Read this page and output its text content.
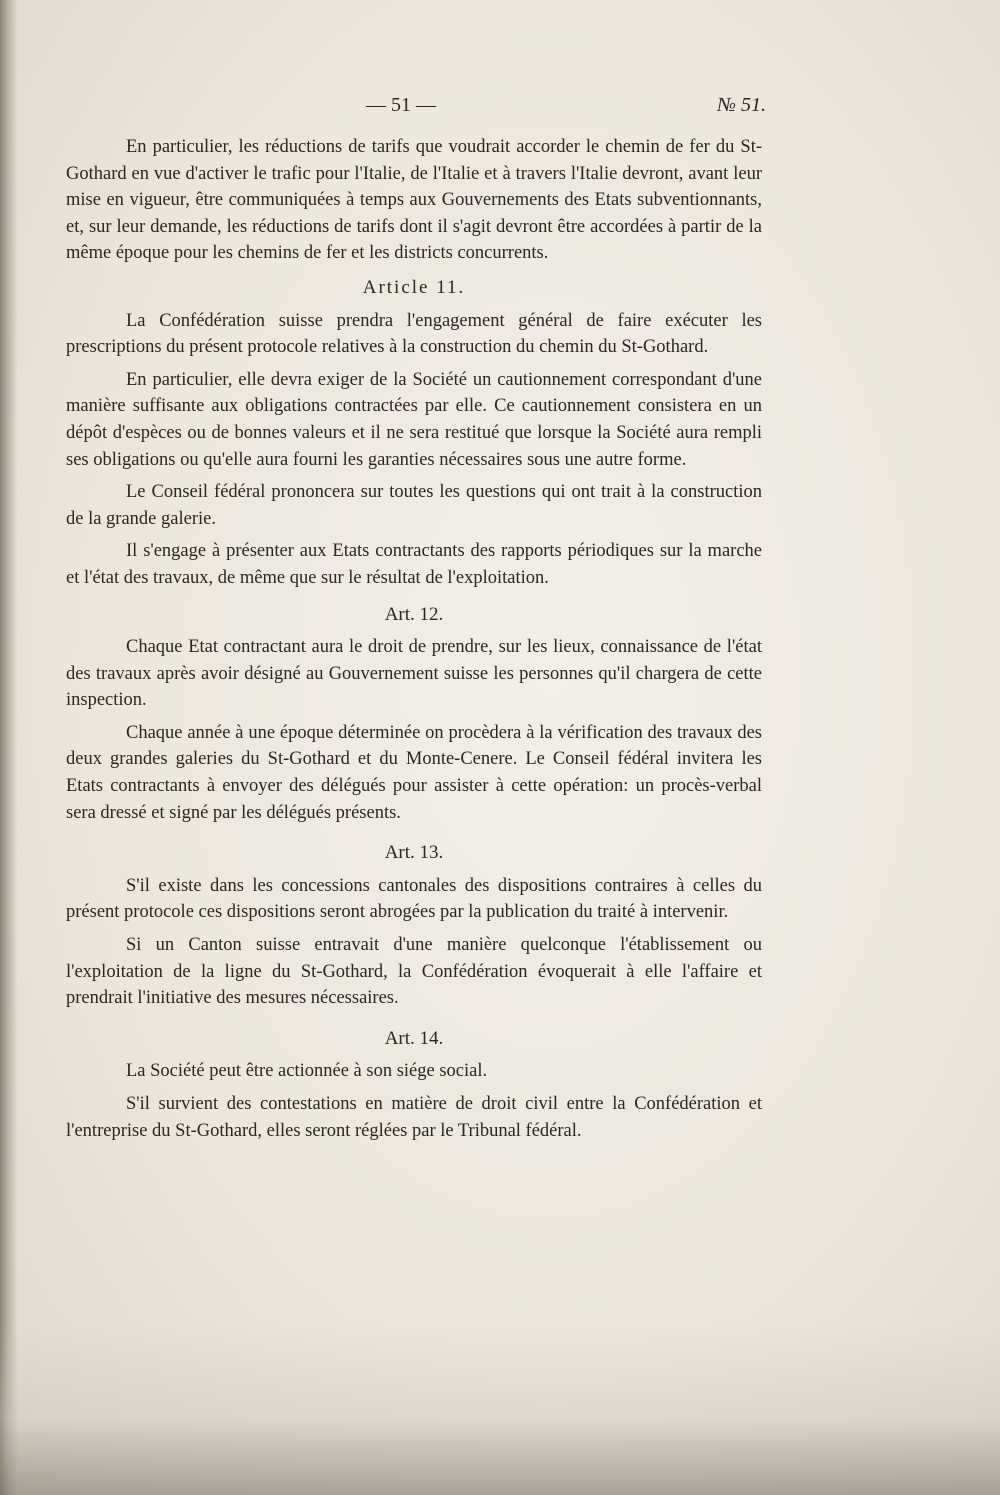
— 51 —	№ 51.

En particulier, les réductions de tarifs que voudrait accorder le chemin de fer du St-Gothard en vue d'activer le trafic pour l'Italie, de l'Italie et à travers l'Italie devront, avant leur mise en vigueur, être communiquées à temps aux Gouvernements des Etats subventionnants, et, sur leur demande, les réductions de tarifs dont il s'agit devront être accordées à partir de la même époque pour les chemins de fer et les districts concurrents.

Article 11.

La Confédération suisse prendra l'engagement général de faire exécuter les prescriptions du présent protocole relatives à la construction du chemin du St-Gothard.

En particulier, elle devra exiger de la Société un cautionnement correspondant d'une manière suffisante aux obligations contractées par elle. Ce cautionnement consistera en un dépôt d'espèces ou de bonnes valeurs et il ne sera restitué que lorsque la Société aura rempli ses obligations ou qu'elle aura fourni les garanties nécessaires sous une autre forme.

Le Conseil fédéral prononcera sur toutes les questions qui ont trait à la construction de la grande galerie.

Il s'engage à présenter aux Etats contractants des rapports périodiques sur la marche et l'état des travaux, de même que sur le résultat de l'exploitation.

Art. 12.

Chaque Etat contractant aura le droit de prendre, sur les lieux, connaissance de l'état des travaux après avoir désigné au Gouvernement suisse les personnes qu'il chargera de cette inspection.

Chaque année à une époque déterminée on procèdera à la vérification des travaux des deux grandes galeries du St-Gothard et du Monte-Cenere. Le Conseil fédéral invitera les Etats contractants à envoyer des délégués pour assister à cette opération: un procès-verbal sera dressé et signé par les délégués présents.

Art. 13.

S'il existe dans les concessions cantonales des dispositions contraires à celles du présent protocole ces dispositions seront abrogées par la publication du traité à intervenir.

Si un Canton suisse entravait d'une manière quelconque l'établissement ou l'exploitation de la ligne du St-Gothard, la Confédération évoquerait à elle l'affaire et prendrait l'initiative des mesures nécessaires.

Art. 14.

La Société peut être actionnée à son siége social.

S'il survient des contestations en matière de droit civil entre la Confédération et l'entreprise du St-Gothard, elles seront réglées par le Tribunal fédéral.
